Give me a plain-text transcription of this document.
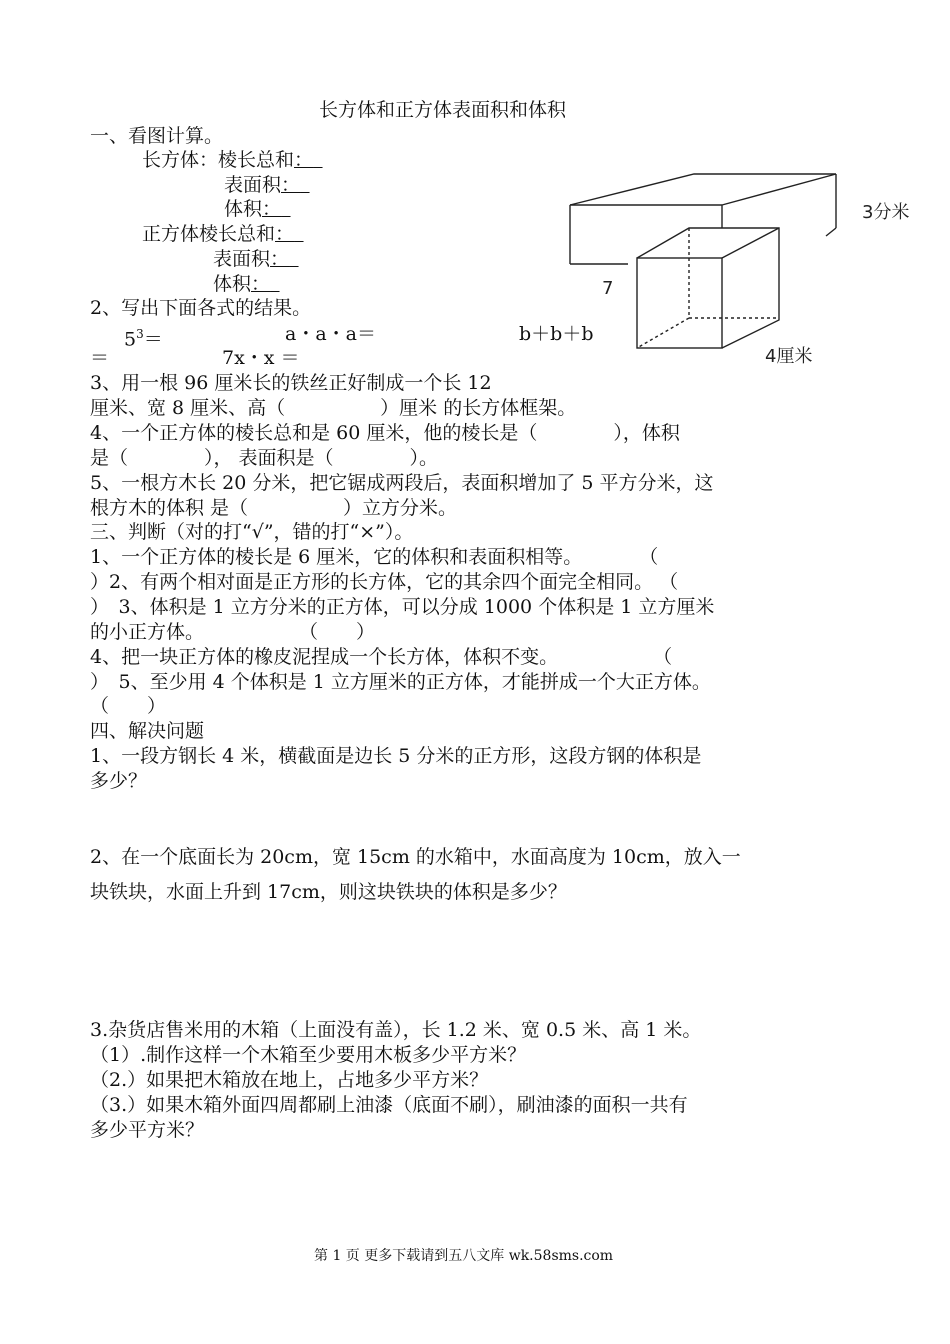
长方体和正方体表面积和体积
一、看图计算。
长方体：棱长总和： 
表面积： 
体积： 
正方体棱长总和： 
表面积： 
体积： 
3分米
7
4厘米
2、写出下面各式的结果。
$5^3=$	a・a・a＝	b＋b＋b
＝	7x・x ＝
3、用一根 96 厘米长的铁丝正好制成一个长 12
厘米、宽 8 厘米、高（　　　　　）厘米 的长方体框架。
4、一个正方体的棱长总和是 60 厘米，他的棱长是（　　　　），体积
是（　　　　）， 表面积是（　　　　）。
5、一根方木长 20 分米，把它锯成两段后，表面积增加了 5 平方分米，这
根方木的体积 是（　　　　　）立方分米。
三、判断（对的打“√”，错的打“×”）。
1、一个正方体的棱长是 6 厘米，它的体积和表面积相等。　　　　（
）2、有两个相对面是正方形的长方体，它的其余四个面完全相同。 （
）　3、体积是 1 立方分米的正方体，可以分成 1000 个体积是 1 立方厘米
的小正方体。　　　　　　（　　）
4、把一块正方体的橡皮泥捏成一个长方体，体积不变。　　　　　　（
）　5、至少用 4 个体积是 1 立方厘米的正方体，才能拼成一个大正方体。
（　　）
四、解决问题
1、一段方钢长 4 米，横截面是边长 5 分米的正方形，这段方钢的体积是
多少？
2、在一个底面长为 20cm，宽 15cm 的水箱中，水面高度为 10cm，放入一
块铁块，水面上升到 17cm，则这块铁块的体积是多少？
3.杂货店售米用的木箱（上面没有盖），长 1.2 米、宽 0.5 米、高 1 米。
（1）.制作这样一个木箱至少要用木板多少平方米？
（2.）如果把木箱放在地上，占地多少平方米？
（3.）如果木箱外面四周都刷上油漆（底面不刷），刷油漆的面积一共有
多少平方米？
第 1 页 更多下载请到五八文库 wk.58sms.com
